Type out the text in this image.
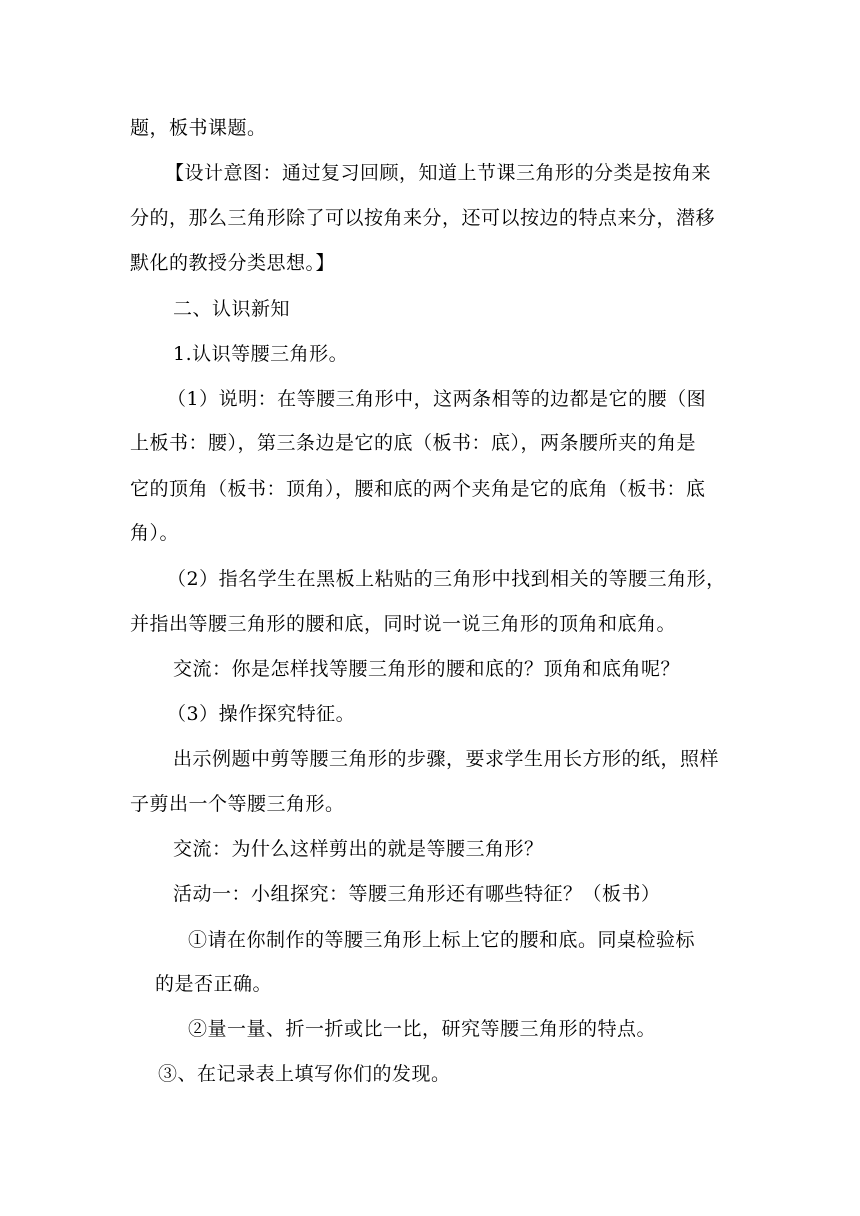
题，板书课题。
【设计意图：通过复习回顾，知道上节课三角形的分类是按角来
分的，那么三角形除了可以按角来分，还可以按边的特点来分，潜移
默化的教授分类思想。】
二、认识新知
1.认识等腰三角形。
（1）说明：在等腰三角形中，这两条相等的边都是它的腰（图
上板书：腰），第三条边是它的底（板书：底），两条腰所夹的角是
它的顶角（板书：顶角），腰和底的两个夹角是它的底角（板书：底
角）。
（2）指名学生在黑板上粘贴的三角形中找到相关的等腰三角形，
并指出等腰三角形的腰和底，同时说一说三角形的顶角和底角。
交流：你是怎样找等腰三角形的腰和底的？顶角和底角呢？
（3）操作探究特征。
出示例题中剪等腰三角形的步骤，要求学生用长方形的纸，照样
子剪出一个等腰三角形。
交流：为什么这样剪出的就是等腰三角形？
活动一：小组探究：等腰三角形还有哪些特征？（板书）
①请在你制作的等腰三角形上标上它的腰和底。同桌检验标
的是否正确。
②量一量、折一折或比一比，研究等腰三角形的特点。
③、在记录表上填写你们的发现。
